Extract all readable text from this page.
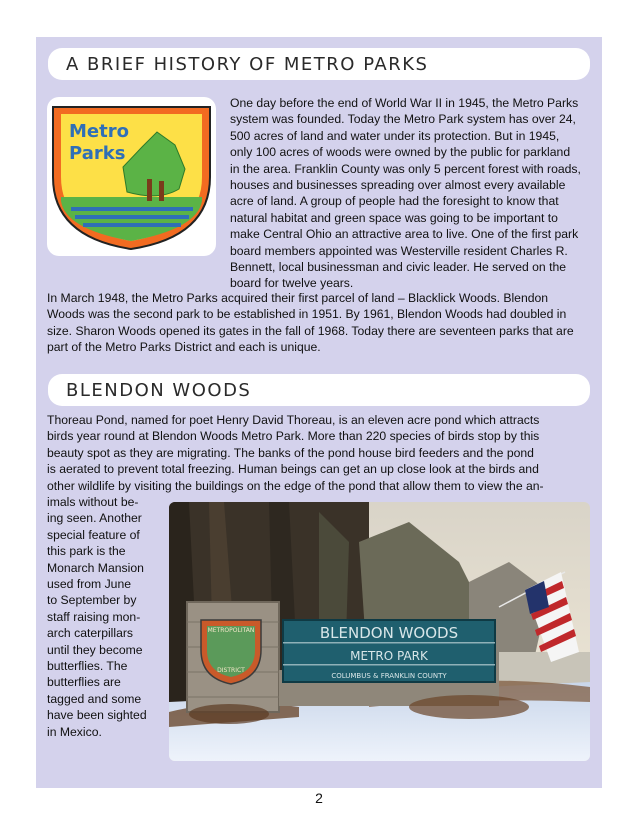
A BRIEF HISTORY OF METRO PARKS
Metro
Parks
One day before the end of World War II in 1945, the Metro Parks
system was founded. Today the Metro Park system has over 24,
500 acres of land and water under its protection. But in 1945,
only 100 acres of woods were owned by the public for parkland
in the area. Franklin County was only 5 percent forest with roads,
houses and businesses spreading over almost every available
acre of land. A group of people had the foresight to know that
natural habitat and green space was going to be important to
make Central Ohio an attractive area to live. One of the first park
board members appointed was Westerville resident Charles R.
Bennett, local businessman and civic leader. He served on the
board for twelve years.
In March 1948, the Metro Parks acquired their first parcel of land – Blacklick Woods. Blendon
Woods was the second park to be established in 1951. By 1961, Blendon Woods had doubled in
size. Sharon Woods opened its gates in the fall of 1968. Today there are seventeen parks that are
part of the Metro Parks District and each is unique.
BLENDON WOODS
Thoreau Pond, named for poet Henry David Thoreau, is an eleven acre pond which attracts
birds year round at Blendon Woods Metro Park. More than 220 species of birds stop by this
beauty spot as they are migrating. The banks of the pond house bird feeders and the pond
is aerated to prevent total freezing. Human beings can get an up close look at the birds and
other wildlife by visiting the buildings on the edge of the pond that allow them to view the an-
imals without be-
ing seen. Another
special feature of
this park is the
Monarch Mansion
used from June
to September by
staff raising mon-
arch caterpillars
until they become
butterflies. The
butterflies are
tagged and some
have been sighted
in Mexico.
METROPOLITAN
DISTRICT
BLENDON WOODS
METRO PARK
COLUMBUS & FRANKLIN COUNTY
2
